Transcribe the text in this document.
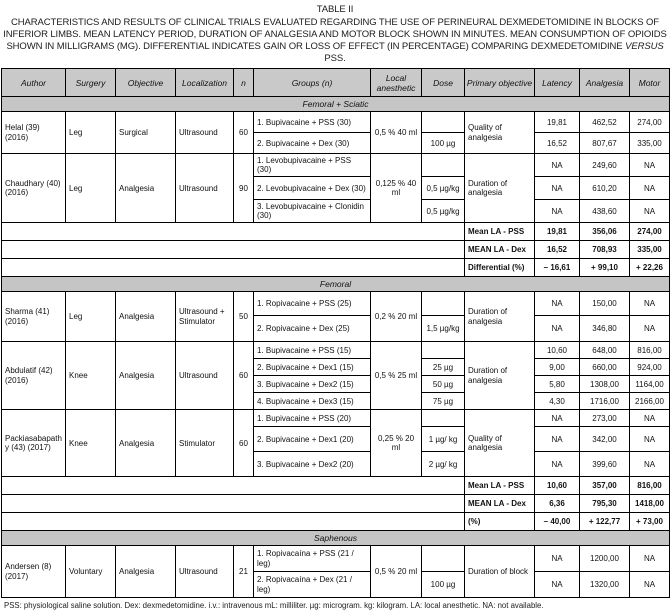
TABLE II
CHARACTERISTICS AND RESULTS OF CLINICAL TRIALS EVALUATED REGARDING THE USE OF PERINEURAL DEXMEDETOMIDINE IN BLOCKS OF INFERIOR LIMBS. MEAN LATENCY PERIOD, DURATION OF ANALGESIA AND MOTOR BLOCK SHOWN IN MINUTES. MEAN CONSUMPTION OF OPIOIDS SHOWN IN MILLIGRAMS (MG). DIFFERENTIAL INDICATES GAIN OR LOSS OF EFFECT (IN PERCENTAGE) COMPARING DEXMEDETOMIDINE VERSUS PSS.
Author	Surgery	Objective	Localization	n	Groups (n)	Local anesthetic	Dose	Primary objective	Latency	Analgesia	Motor
Femoral + Sciatic											
Helal (39) (2016)	Leg	Surgical	Ultrasound	60	1. Bupivacaine + PSS (30)	0,5 % 40 ml		Quality of analgesia	19,81	462,52	274,00
					2. Bupivacaine + Dex (30)		100 µg		16,52	807,67	335,00
Chaudhary (40) (2016)	Leg	Analgesia	Ultrasound	90	1. Levobupivacaine + PSS (30)	0,125 % 40 ml		Duration of analgesia	NA	249,60	NA
					2. Levobupivacaine + Dex (30)		0,5 µg/kg		NA	610,20	NA
					3. Levobupivacaine + Clonidin (30)		0,5 µg/kg		NA	438,60	NA
								Mean LA - PSS	19,81	356,06	274,00
								MEAN LA - Dex	16,52	708,93	335,00
								Differential (%)	– 16,61	+ 99,10	+ 22,26
Femoral											
Sharma (41) (2016)	Leg	Analgesia	Ultrasound + Stimulator	50	1. Ropivacaine + PSS (25)	0,2 % 20 ml		Duration of analgesia	NA	150,00	NA
					2. Ropivacaine + Dex (25)		1,5 µg/kg		NA	346,80	NA
Abdulatif (42) (2016)	Knee	Analgesia	Ultrasound	60	1. Bupivacaine + PSS (15)	0,5 % 25 ml		Duration of analgesia	10,60	648,00	816,00
					2. Bupivacaine + Dex1 (15)		25 µg		9,00	660,00	924,00
					3. Bupivacaine + Dex2 (15)		50 µg		5,80	1308,00	1164,00
					4. Bupivacaine + Dex3 (15)		75 µg		4,30	1716,00	2166,00
Packiasabapathy (43) (2017)	Knee	Analgesia	Stimulator	60	1. Bupivacaine + PSS (20)	0,25 % 20 ml		Quality of analgesia	NA	273,00	NA
					2. Bupivacaine + Dex1 (20)		1 µg/ kg		NA	342,00	NA
					3. Bupivacaine + Dex2 (20)		2 µg/ kg		NA	399,60	NA
								Mean LA - PSS	10,60	357,00	816,00
								MEAN LA - Dex	6,36	795,30	1418,00
								(%)	– 40,00	+ 122,77	+ 73,00
Saphenous											
Andersen (8) (2017)	Voluntary	Analgesia	Ultrasound	21	1. Ropivacaína + PSS (21 / leg)	0,5 % 20 ml		Duration of block	NA	1200,00	NA
					2. Ropivacaína + Dex (21 / leg)		100 µg		NA	1320,00	NA
PSS: physiological saline solution. Dex: dexmedetomidine. i.v.: intravenous mL: milliliter. µg: microgram. kg: kilogram. LA: local anesthetic. NA: not available.
